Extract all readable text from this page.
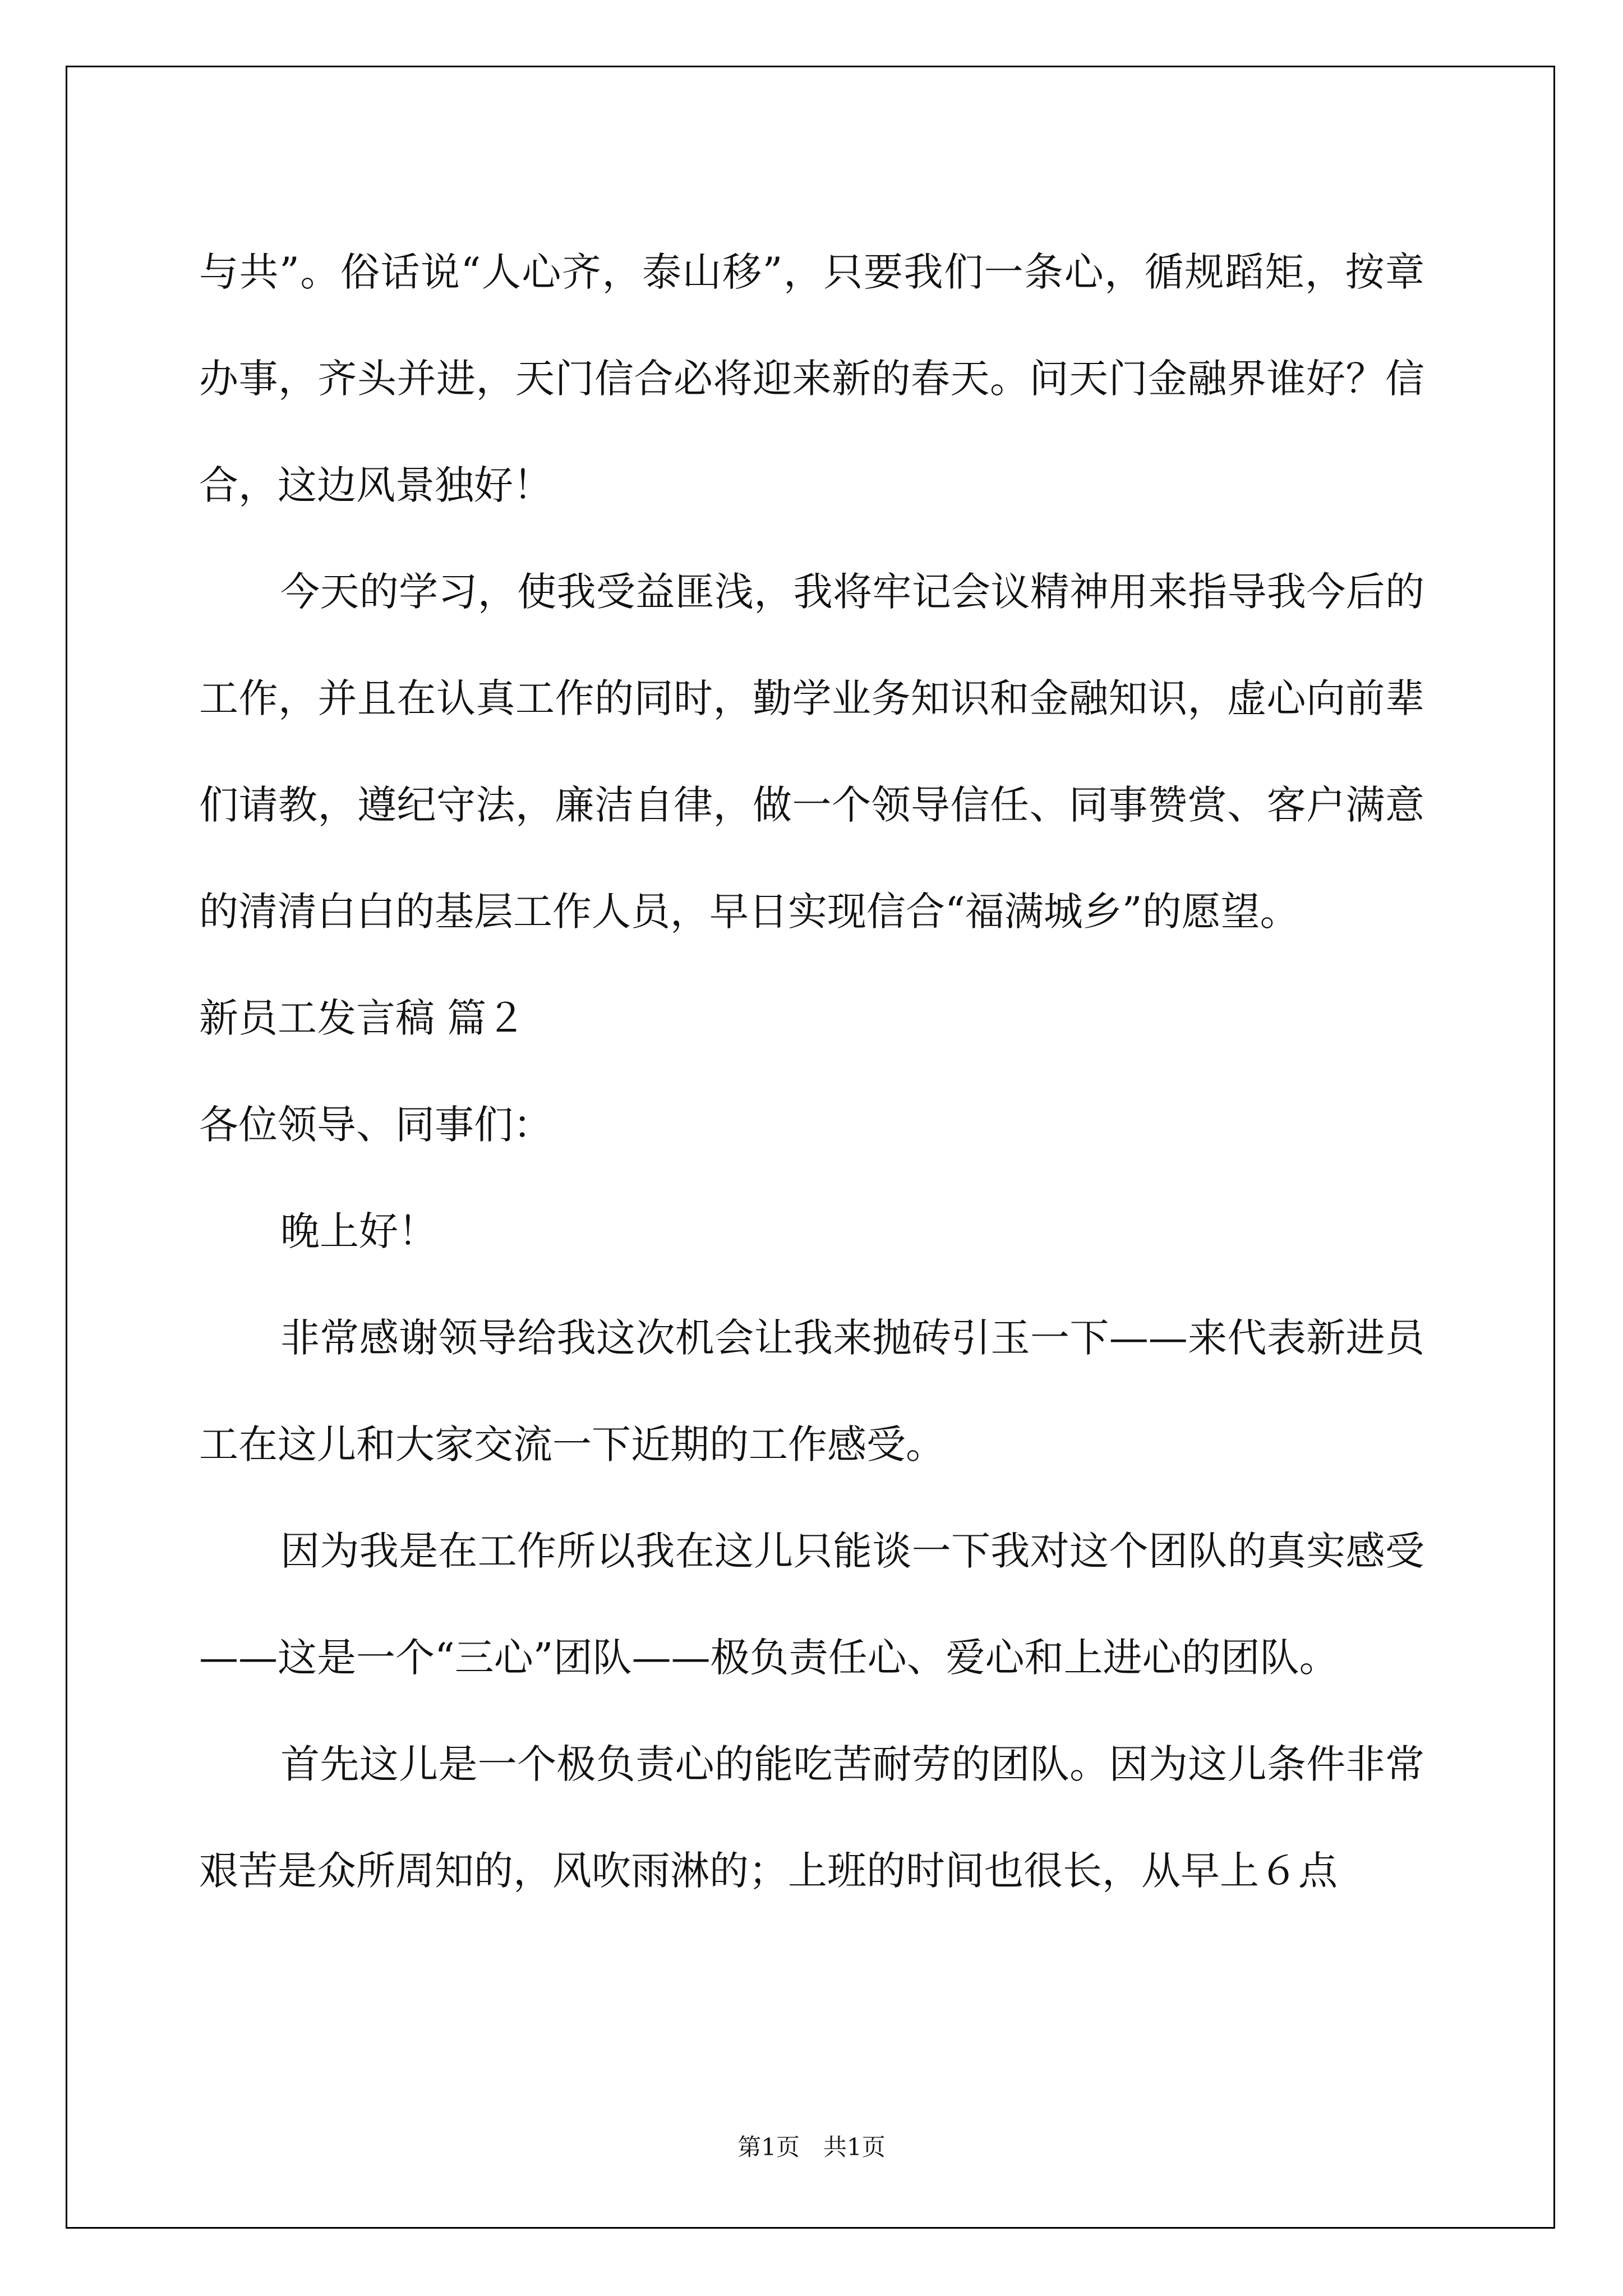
与共”。俗话说“人心齐，泰山移”，只要我们一条心，循规蹈矩，按章办事，齐头并进，天门信合必将迎来新的春天。问天门金融界谁好？信合，这边风景独好！

今天的学习，使我受益匪浅，我将牢记会议精神用来指导我今后的工作，并且在认真工作的同时，勤学业务知识和金融知识，虚心向前辈们请教，遵纪守法，廉洁自律，做一个领导信任、同事赞赏、客户满意的清清白白的基层工作人员，早日实现信合“福满城乡”的愿望。

新员工发言稿 篇２

各位领导、同事们：

晚上好！

非常感谢领导给我这次机会让我来抛砖引玉一下——来代表新进员工在这儿和大家交流一下近期的工作感受。

因为我是在工作所以我在这儿只能谈一下我对这个团队的真实感受——这是一个“三心”团队——极负责任心、爱心和上进心的团队。

首先这儿是一个极负责心的能吃苦耐劳的团队。因为这儿条件非常艰苦是众所周知的，风吹雨淋的；上班的时间也很长，从早上６点

第1页　共1页
